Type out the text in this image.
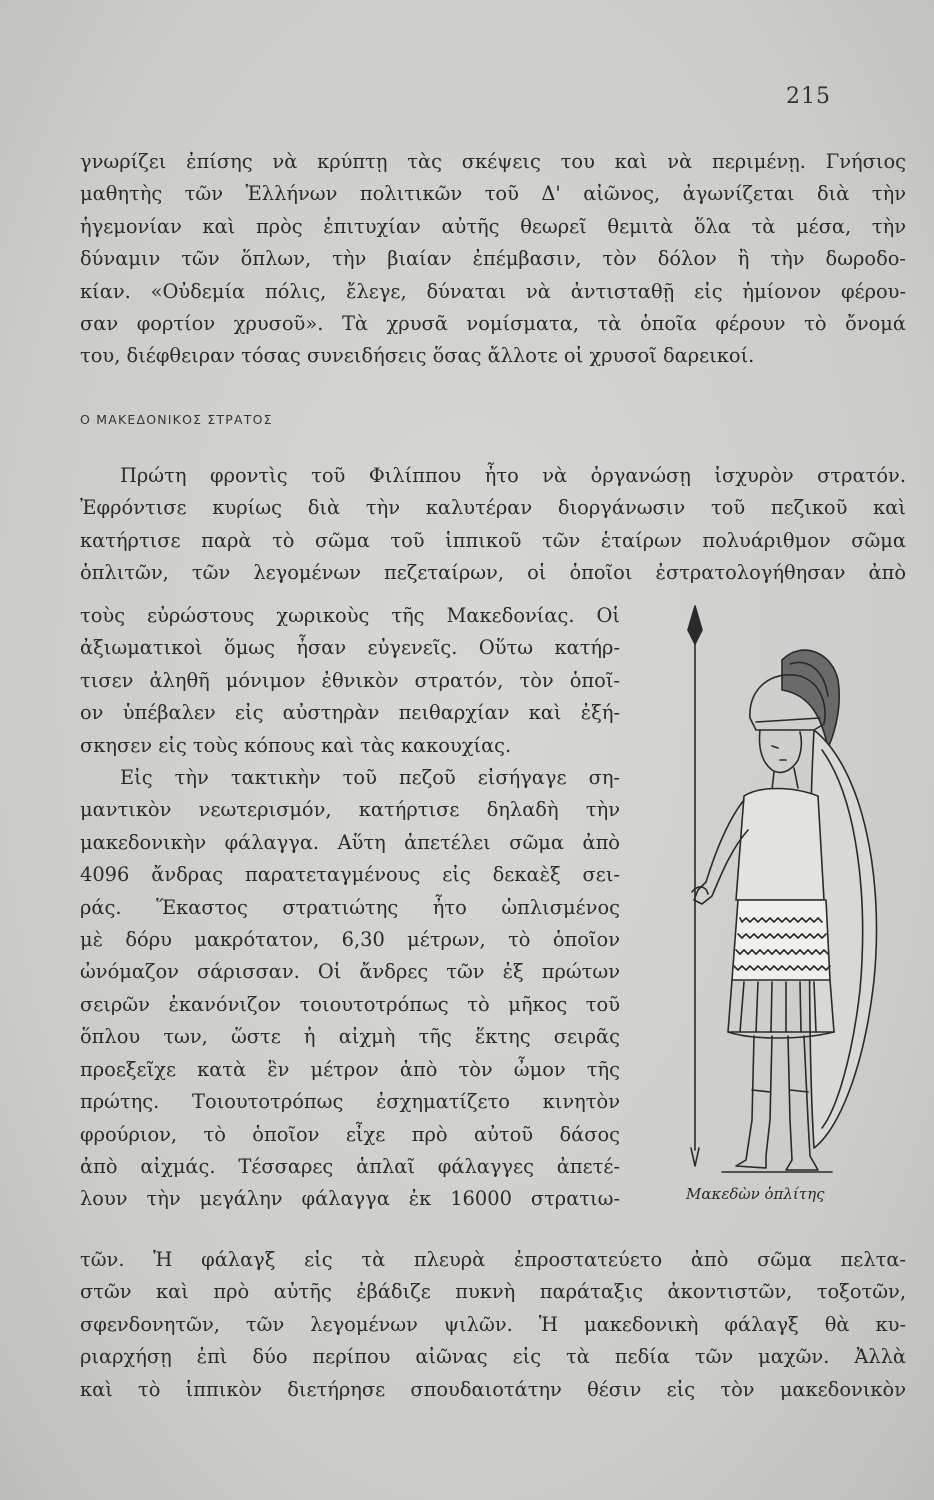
215
γνωρίζει ἐπίσης νὰ κρύπτῃ τὰς σκέψεις του καὶ νὰ περιμένῃ. Γνήσιος
μαθητὴς τῶν Ἑλλήνων πολιτικῶν τοῦ Δ' αἰῶνος, ἀγωνίζεται διὰ τὴν
ἡγεμονίαν καὶ πρὸς ἐπιτυχίαν αὐτῆς θεωρεῖ θεμιτὰ ὅλα τὰ μέσα, τὴν
δύναμιν τῶν ὅπλων, τὴν βιαίαν ἐπέμβασιν, τὸν δόλον ἢ τὴν δωροδο-
κίαν. «Οὐδεμία πόλις, ἔλεγε, δύναται νὰ ἀντισταθῇ εἰς ἡμίονον φέρου-
σαν φορτίον χρυσοῦ». Τὰ χρυσᾶ νομίσματα, τὰ ὁποῖα φέρουν τὸ ὄνομά
του, διέφθειραν τόσας συνειδήσεις ὅσας ἄλλοτε οἱ χρυσοῖ δαρεικοί.
Ο ΜΑΚΕΔΟΝΙΚΟΣ ΣΤΡΑΤΟΣ
Πρώτη φροντὶς τοῦ Φιλίππου ἦτο νὰ ὀργανώσῃ ἰσχυρὸν στρατόν.
Ἐφρόντισε κυρίως διὰ τὴν καλυτέραν διοργάνωσιν τοῦ πεζικοῦ καὶ
κατήρτισε παρὰ τὸ σῶμα τοῦ ἱππικοῦ τῶν ἑταίρων πολυάριθμον σῶμα
ὁπλιτῶν, τῶν λεγομένων πεζεταίρων, οἱ ὁποῖοι ἐστρατολογήθησαν ἀπὸ
τοὺς εὐρώστους χωρικοὺς τῆς Μακεδονίας. Οἱ
ἀξιωματικοὶ ὅμως ἦσαν εὐγενεῖς. Οὕτω κατήρ-
τισεν ἀληθῆ μόνιμον ἐθνικὸν στρατόν, τὸν ὁποῖ-
ον ὑπέβαλεν εἰς αὐστηρὰν πειθαρχίαν καὶ ἐξή-
σκησεν εἰς τοὺς κόπους καὶ τὰς κακουχίας.
Εἰς τὴν τακτικὴν τοῦ πεζοῦ εἰσήγαγε ση-
μαντικὸν νεωτερισμόν, κατήρτισε δηλαδὴ τὴν
μακεδονικὴν φάλαγγα. Αὕτη ἀπετέλει σῶμα ἀπὸ
4096 ἄνδρας παρατεταγμένους εἰς δεκαὲξ σει-
ράς. Ἕκαστος στρατιώτης ἦτο ὡπλισμένος
μὲ δόρυ μακρότατον, 6,30 μέτρων, τὸ ὁποῖον
ὠνόμαζον σάρισσαν. Οἱ ἄνδρες τῶν ἐξ πρώτων
σειρῶν ἐκανόνιζον τοιουτοτρόπως τὸ μῆκος τοῦ
ὅπλου των, ὥστε ἡ αἰχμὴ τῆς ἕκτης σειρᾶς
προεξεῖχε κατὰ ἓν μέτρον ἀπὸ τὸν ὦμον τῆς
πρώτης. Τοιουτοτρόπως ἐσχηματίζετο κινητὸν
φρούριον, τὸ ὁποῖον εἶχε πρὸ αὐτοῦ δάσος
ἀπὸ αἰχμάς. Τέσσαρες ἁπλαῖ φάλαγγες ἀπετέ-
λουν τὴν μεγάλην φάλαγγα ἐκ 16000 στρατιω-	Μακεδὼν ὁπλίτης
τῶν. Ἡ φάλαγξ εἰς τὰ πλευρὰ ἐπροστατεύετο ἀπὸ σῶμα πελτα-
στῶν καὶ πρὸ αὐτῆς ἐβάδιζε πυκνὴ παράταξις ἀκοντιστῶν, τοξοτῶν,
σφενδονητῶν, τῶν λεγομένων ψιλῶν. Ἡ μακεδονικὴ φάλαγξ θὰ κυ-
ριαρχήσῃ ἐπὶ δύο περίπου αἰῶνας εἰς τὰ πεδία τῶν μαχῶν. Ἀλλὰ
καὶ τὸ ἱππικὸν διετήρησε σπουδαιοτάτην θέσιν εἰς τὸν μακεδονικὸν
